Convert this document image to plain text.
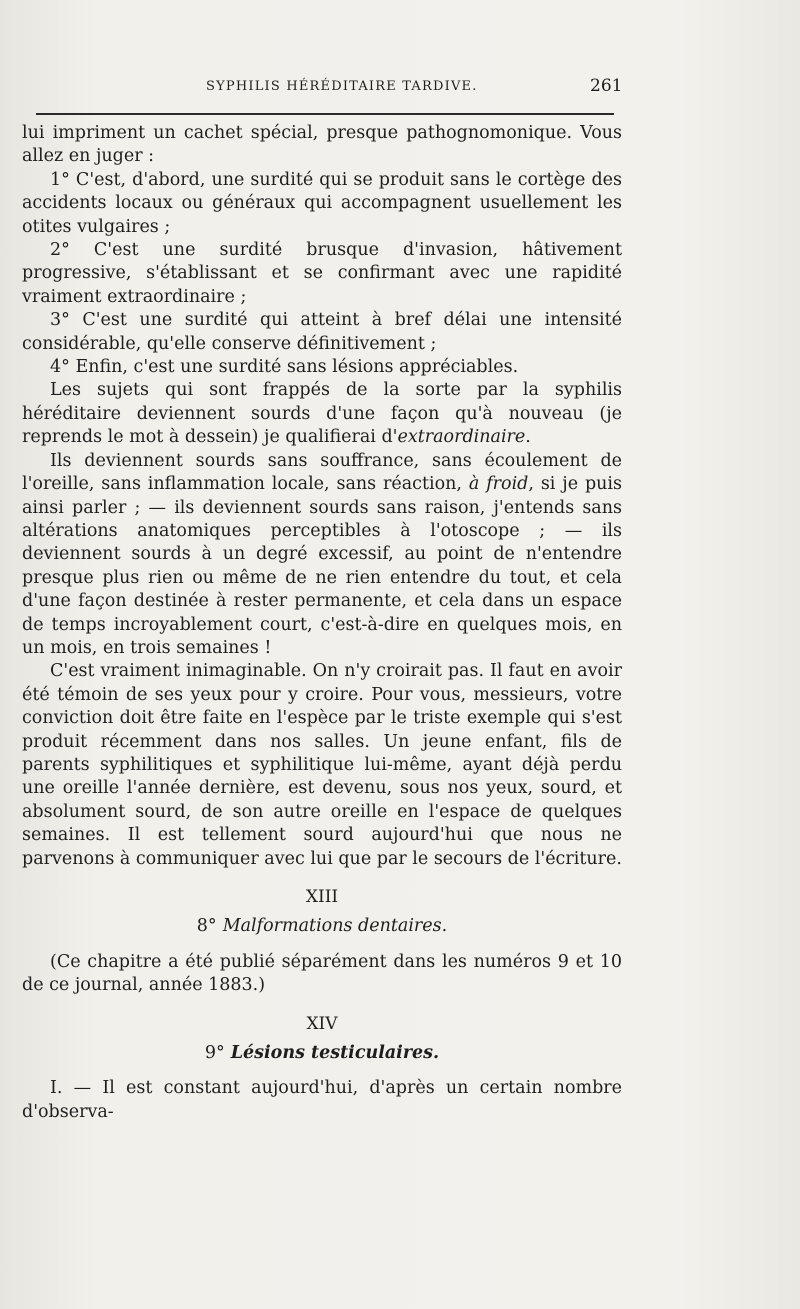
SYPHILIS HÉRÉDITAIRE TARDIVE.	261

lui impriment un cachet spécial, presque pathognomonique. Vous allez en juger :

1° C'est, d'abord, une surdité qui se produit sans le cortège des accidents locaux ou généraux qui accompagnent usuellement les otites vulgaires ;

2° C'est une surdité brusque d'invasion, hâtivement progressive, s'établissant et se confirmant avec une rapidité vraiment extraordinaire ;

3° C'est une surdité qui atteint à bref délai une intensité considérable, qu'elle conserve définitivement ;

4° Enfin, c'est une surdité sans lésions appréciables.

Les sujets qui sont frappés de la sorte par la syphilis héréditaire deviennent sourds d'une façon qu'à nouveau (je reprends le mot à dessein) je qualifierai d'extraordinaire.

Ils deviennent sourds sans souffrance, sans écoulement de l'oreille, sans inflammation locale, sans réaction, à froid, si je puis ainsi parler ; — ils deviennent sourds sans raison, j'entends sans altérations anatomiques perceptibles à l'otoscope ; — ils deviennent sourds à un degré excessif, au point de n'entendre presque plus rien ou même de ne rien entendre du tout, et cela d'une façon destinée à rester permanente, et cela dans un espace de temps incroyablement court, c'est-à-dire en quelques mois, en un mois, en trois semaines !

C'est vraiment inimaginable. On n'y croirait pas. Il faut en avoir été témoin de ses yeux pour y croire. Pour vous, messieurs, votre conviction doit être faite en l'espèce par le triste exemple qui s'est produit récemment dans nos salles. Un jeune enfant, fils de parents syphilitiques et syphilitique lui-même, ayant déjà perdu une oreille l'année dernière, est devenu, sous nos yeux, sourd, et absolument sourd, de son autre oreille en l'espace de quelques semaines. Il est tellement sourd aujourd'hui que nous ne parvenons à communiquer avec lui que par le secours de l'écriture.

XIII
8° Malformations dentaires.

(Ce chapitre a été publié séparément dans les numéros 9 et 10 de ce journal, année 1883.)

XIV
9° Lésions testiculaires.

I. — Il est constant aujourd'hui, d'après un certain nombre d'observa-
